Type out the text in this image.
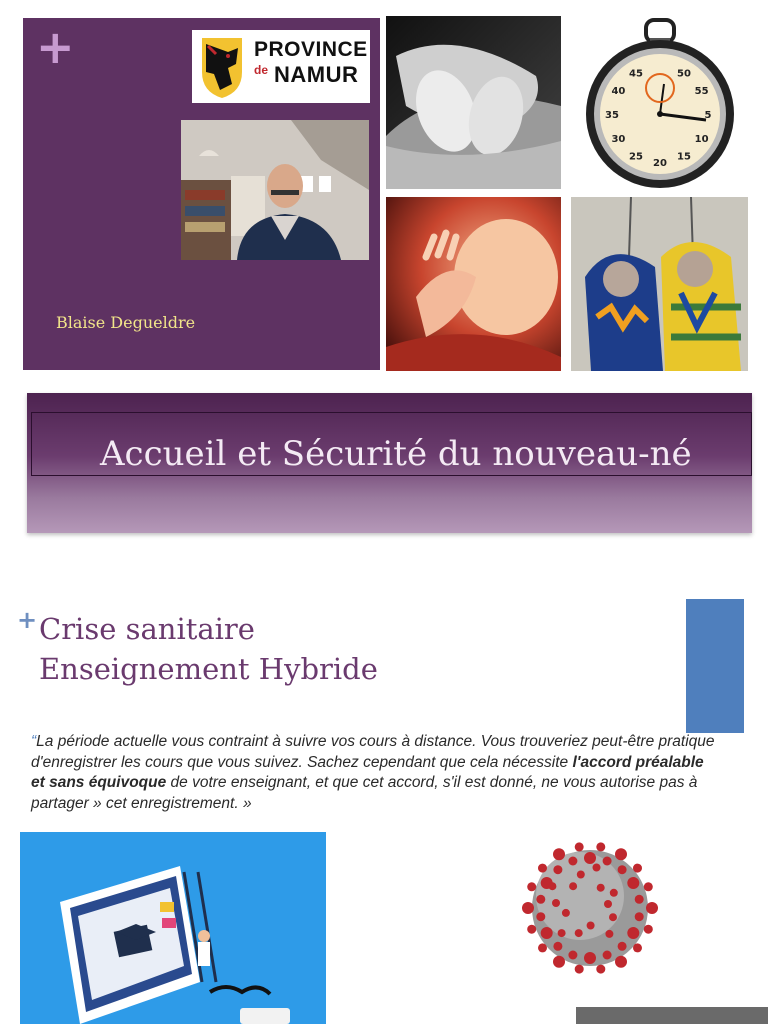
+	PROVINCE
de NAMUR
Blaise Degueldre
50
55
5
10
15
20
25
30
35
40
45
Accueil et Sécurité du nouveau-né
+ Crise sanitaire
Enseignement Hybride
“La période actuelle vous contraint à suivre vos cours à distance. Vous trouveriez peut-être pratique d'enregistrer les cours que vous suivez. Sachez cependant que cela nécessite l'accord préalable et sans équivoque de votre enseignant, et que cet accord, s'il est donné, ne vous autorise pas à partager » cet enregistrement. »
